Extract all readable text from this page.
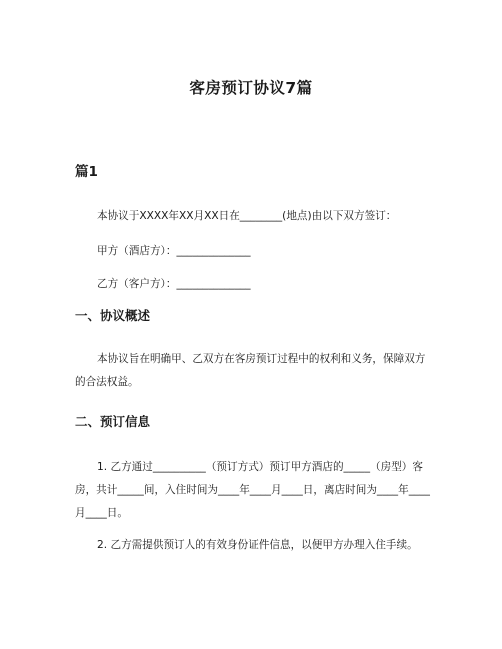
客房预订协议7篇
篇1
本协议于XXXX年XX月XX日在________(地点)由以下双方签订：
甲方（酒店方）：______________
乙方（客户方）：______________
一、协议概述

本协议旨在明确甲、乙双方在客房预订过程中的权利和义务，保障双方的合法权益。

二、预订信息

1. 乙方通过__________（预订方式）预订甲方酒店的_____（房型）客房，共计_____间，入住时间为____年____月____日，离店时间为____年____月____日。

2. 乙方需提供预订人的有效身份证件信息，以便甲方办理入住手续。
